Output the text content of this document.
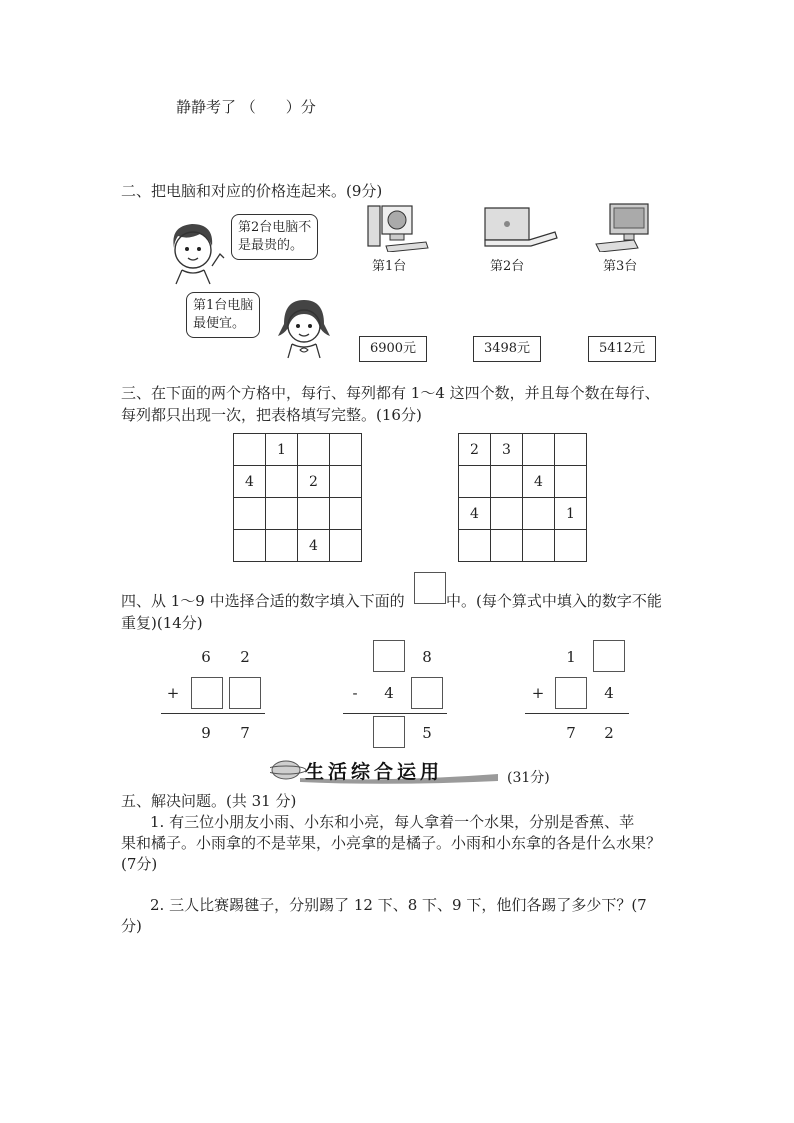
静静考了 （　　）分
二、把电脑和对应的价格连起来。(9分)
第2台电脑不
是最贵的。
第1台电脑
最便宜。
第1台	第2台	第3台
6900元	3498元	5412元
三、在下面的两个方格中，每行、每列都有 1～4 这四个数，并且每个数在每行、
每列都只出现一次，把表格填写完整。(16分)
	1		
4		2	

		4	
2	3		
		4	
4			1

四、从 1～9 中选择合适的数字填入下面的	中。(每个算式中填入的数字不能
重复)(14分)
6	2
+
9	7
8
-	4
5
1
+	4
7	2
生活综合运用	(31分)
五、解决问题。(共 31 分)
1. 有三位小朋友小雨、小东和小亮，每人拿着一个水果，分别是香蕉、苹
果和橘子。小雨拿的不是苹果，小亮拿的是橘子。小雨和小东拿的各是什么水果？
(7分)
2. 三人比赛踢毽子，分别踢了 12 下、8 下、9 下，他们各踢了多少下？(7
分)
